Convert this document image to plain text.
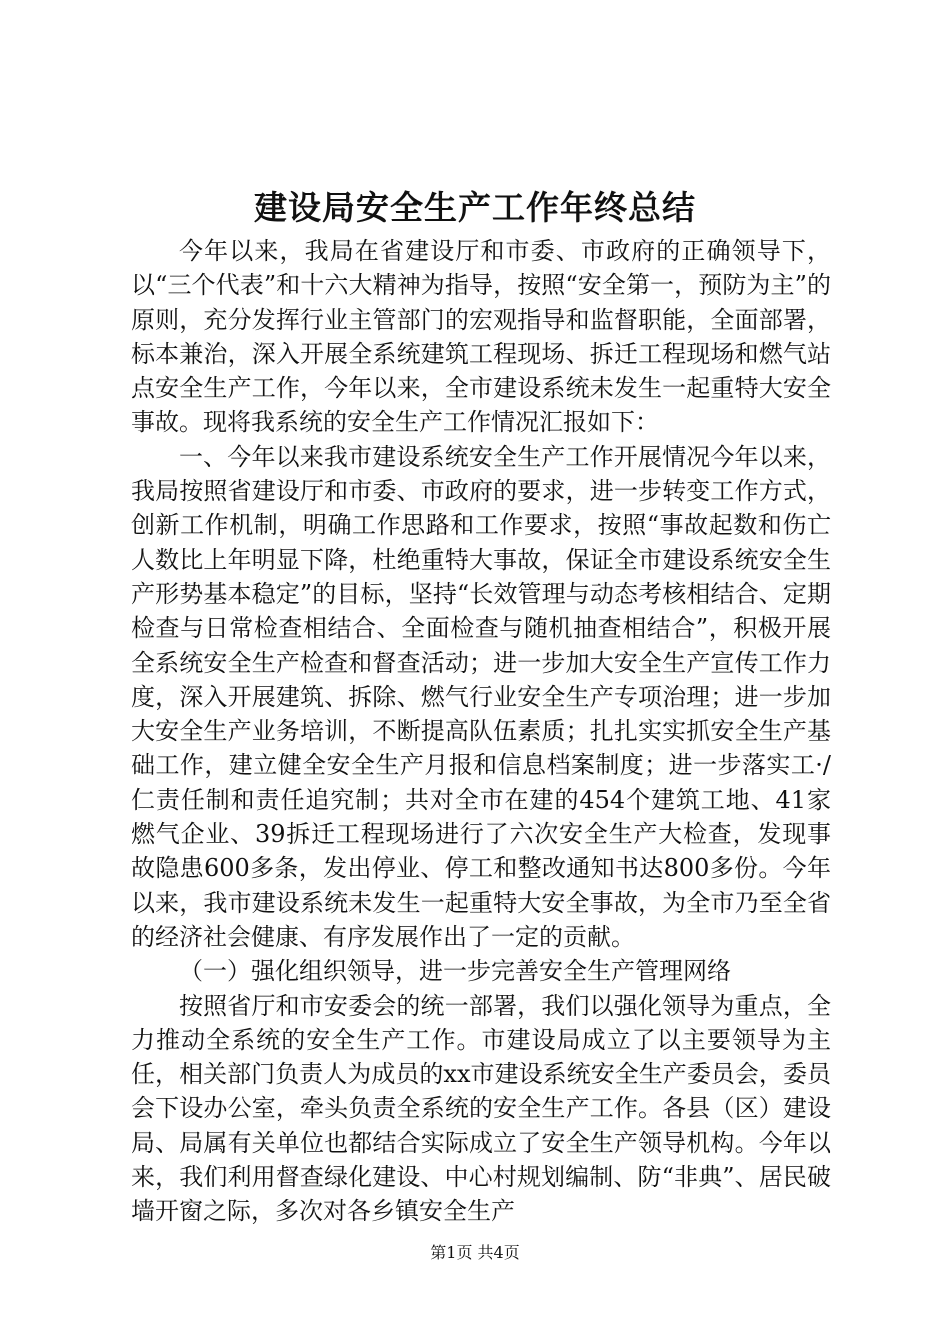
建设局安全生产工作年终总结

今年以来，我局在省建设厅和市委、市政府的正确领导下，以“三个代表”和十六大精神为指导，按照“安全第一，预防为主”的原则，充分发挥行业主管部门的宏观指导和监督职能，全面部署，标本兼治，深入开展全系统建筑工程现场、拆迁工程现场和燃气站点安全生产工作，今年以来，全市建设系统未发生一起重特大安全事故。现将我系统的安全生产工作情况汇报如下：

一、今年以来我市建设系统安全生产工作开展情况今年以来，我局按照省建设厅和市委、市政府的要求，进一步转变工作方式，创新工作机制，明确工作思路和工作要求，按照“事故起数和伤亡人数比上年明显下降，杜绝重特大事故，保证全市建设系统安全生产形势基本稳定”的目标，坚持“长效管理与动态考核相结合、定期检查与日常检查相结合、全面检查与随机抽查相结合”，积极开展全系统安全生产检查和督查活动；进一步加大安全生产宣传工作力度，深入开展建筑、拆除、燃气行业安全生产专项治理；进一步加大安全生产业务培训，不断提高队伍素质；扎扎实实抓安全生产基础工作，建立健全安全生产月报和信息档案制度；进一步落实工·/仁责任制和责任追究制；共对全市在建的454个建筑工地、41家燃气企业、39拆迁工程现场进行了六次安全生产大检查，发现事故隐患600多条，发出停业、停工和整改通知书达800多份。今年以来，我市建设系统未发生一起重特大安全事故，为全市乃至全省的经济社会健康、有序发展作出了一定的贡献。

（一）强化组织领导，进一步完善安全生产管理网络

按照省厅和市安委会的统一部署，我们以强化领导为重点，全力推动全系统的安全生产工作。市建设局成立了以主要领导为主任，相关部门负责人为成员的xx市建设系统安全生产委员会，委员会下设办公室，牵头负责全系统的安全生产工作。各县（区）建设局、局属有关单位也都结合实际成立了安全生产领导机构。今年以来，我们利用督查绿化建设、中心村规划编制、防“非典”、居民破墙开窗之际，多次对各乡镇安全生产

第1页 共4页
